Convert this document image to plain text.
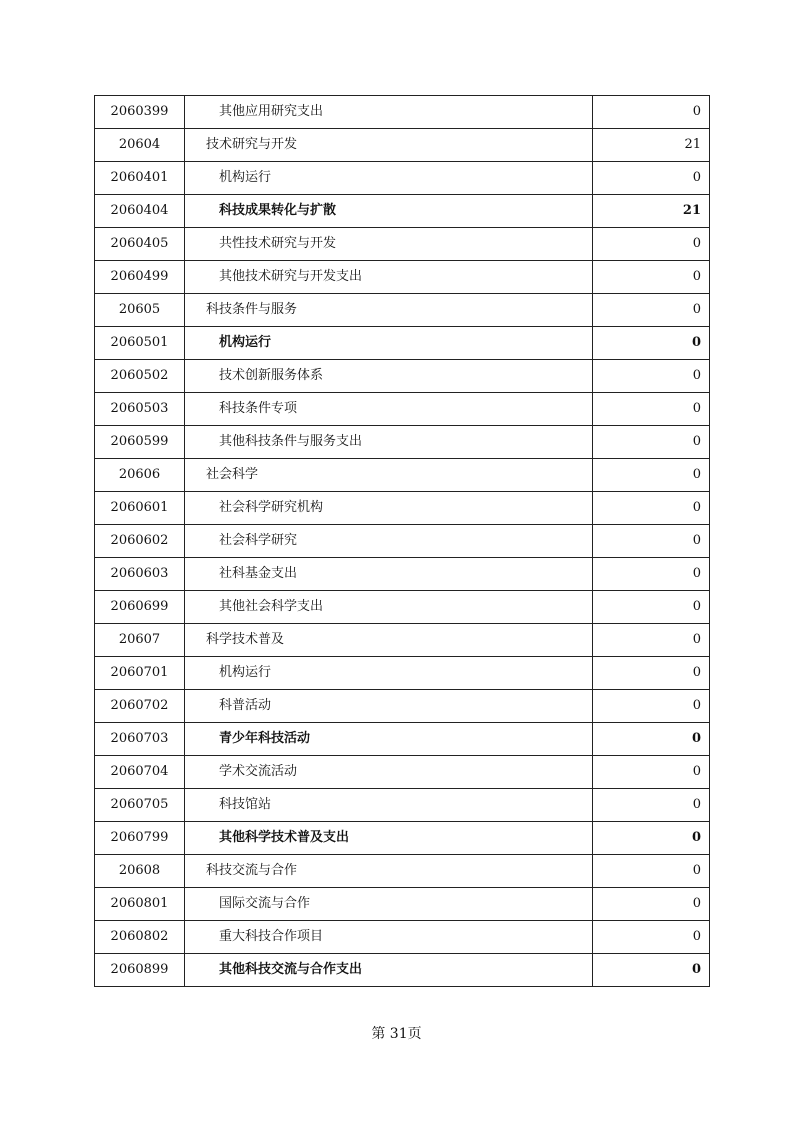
2060399	其他应用研究支出	0
20604	技术研究与开发	21
2060401	机构运行	0
2060404	科技成果转化与扩散	21
2060405	共性技术研究与开发	0
2060499	其他技术研究与开发支出	0
20605	科技条件与服务	0
2060501	机构运行	0
2060502	技术创新服务体系	0
2060503	科技条件专项	0
2060599	其他科技条件与服务支出	0
20606	社会科学	0
2060601	社会科学研究机构	0
2060602	社会科学研究	0
2060603	社科基金支出	0
2060699	其他社会科学支出	0
20607	科学技术普及	0
2060701	机构运行	0
2060702	科普活动	0
2060703	青少年科技活动	0
2060704	学术交流活动	0
2060705	科技馆站	0
2060799	其他科学技术普及支出	0
20608	科技交流与合作	0
2060801	国际交流与合作	0
2060802	重大科技合作项目	0
2060899	其他科技交流与合作支出	0
第 31页
